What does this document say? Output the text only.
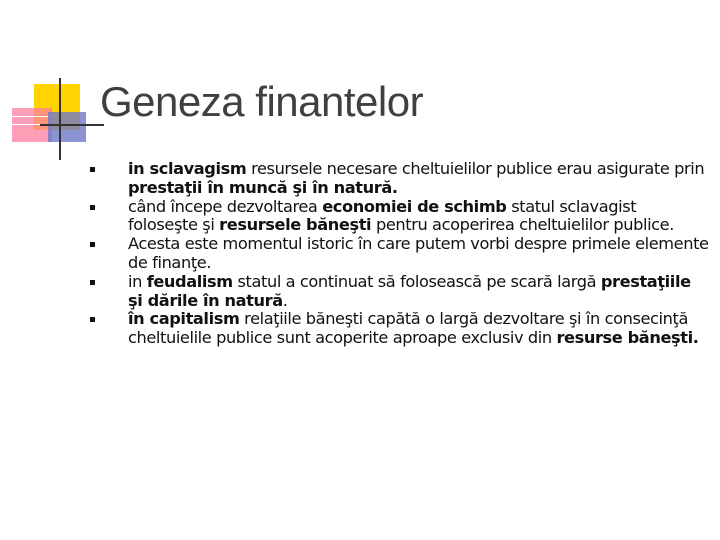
Geneza finantelor
in sclavagism resursele necesare cheltuielilor publice erau asigurate prin prestaţii în muncă şi în natură.
când începe dezvoltarea economiei de schimb statul sclavagist foloseşte şi resursele băneşti pentru acoperirea cheltuielilor publice.
Acesta este momentul istoric în care putem vorbi despre primele elemente de finanţe.
in feudalism statul a continuat să folosească pe scară largă prestaţiile şi dările în natură.
în capitalism relaţiile băneşti capătă o largă dezvoltare şi în consecinţă cheltuielile publice sunt acoperite aproape exclusiv din resurse băneşti.
